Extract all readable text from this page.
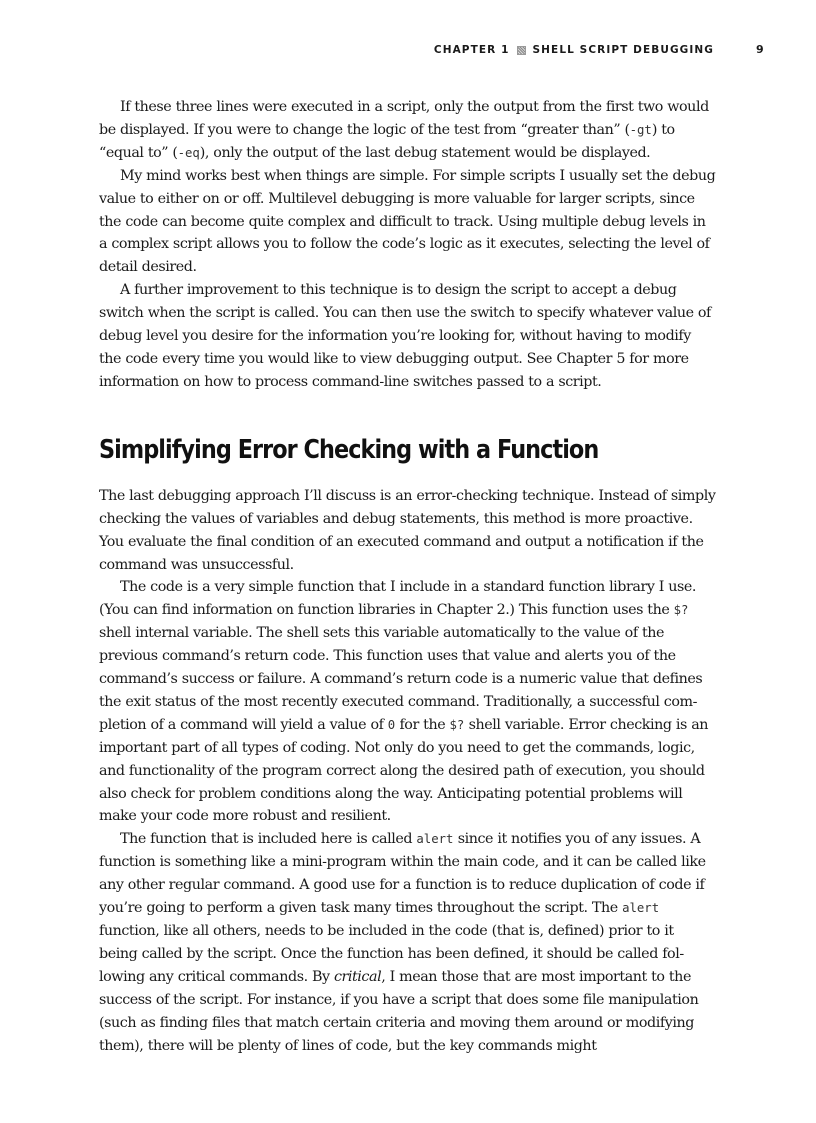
CHAPTER 1 SHELL SCRIPT DEBUGGING	9

If these three lines were executed in a script, only the output from the first two would be displayed. If you were to change the logic of the test from “greater than” (-gt) to “equal to” (-eq), only the output of the last debug statement would be displayed.

My mind works best when things are simple. For simple scripts I usually set the debug value to either on or off. Multilevel debugging is more valuable for larger scripts, since the code can become quite complex and difficult to track. Using multiple debug levels in a complex script allows you to follow the code’s logic as it executes, selecting the level of detail desired.

A further improvement to this technique is to design the script to accept a debug switch when the script is called. You can then use the switch to specify whatever value of debug level you desire for the information you’re looking for, without having to modify the code every time you would like to view debugging output. See Chapter 5 for more information on how to process command-line switches passed to a script.

Simplifying Error Checking with a Function

The last debugging approach I’ll discuss is an error-checking technique. Instead of simply checking the values of variables and debug statements, this method is more proactive. You evaluate the final condition of an executed command and output a notification if the command was unsuccessful.

The code is a very simple function that I include in a standard function library I use. (You can find information on function libraries in Chapter 2.) This function uses the $? shell internal variable. The shell sets this variable automatically to the value of the previous command’s return code. This function uses that value and alerts you of the command’s success or failure. A command’s return code is a numeric value that defines the exit status of the most recently executed command. Traditionally, a successful completion of a command will yield a value of 0 for the $? shell variable. Error checking is an important part of all types of coding. Not only do you need to get the commands, logic, and functionality of the program correct along the desired path of execution, you should also check for problem conditions along the way. Anticipating potential problems will make your code more robust and resilient.

The function that is included here is called alert since it notifies you of any issues. A function is something like a mini-program within the main code, and it can be called like any other regular command. A good use for a function is to reduce duplication of code if you’re going to perform a given task many times throughout the script. The alert function, like all others, needs to be included in the code (that is, defined) prior to it being called by the script. Once the function has been defined, it should be called following any critical commands. By critical, I mean those that are most important to the success of the script. For instance, if you have a script that does some file manipulation (such as finding files that match certain criteria and moving them around or modifying them), there will be plenty of lines of code, but the key commands might
